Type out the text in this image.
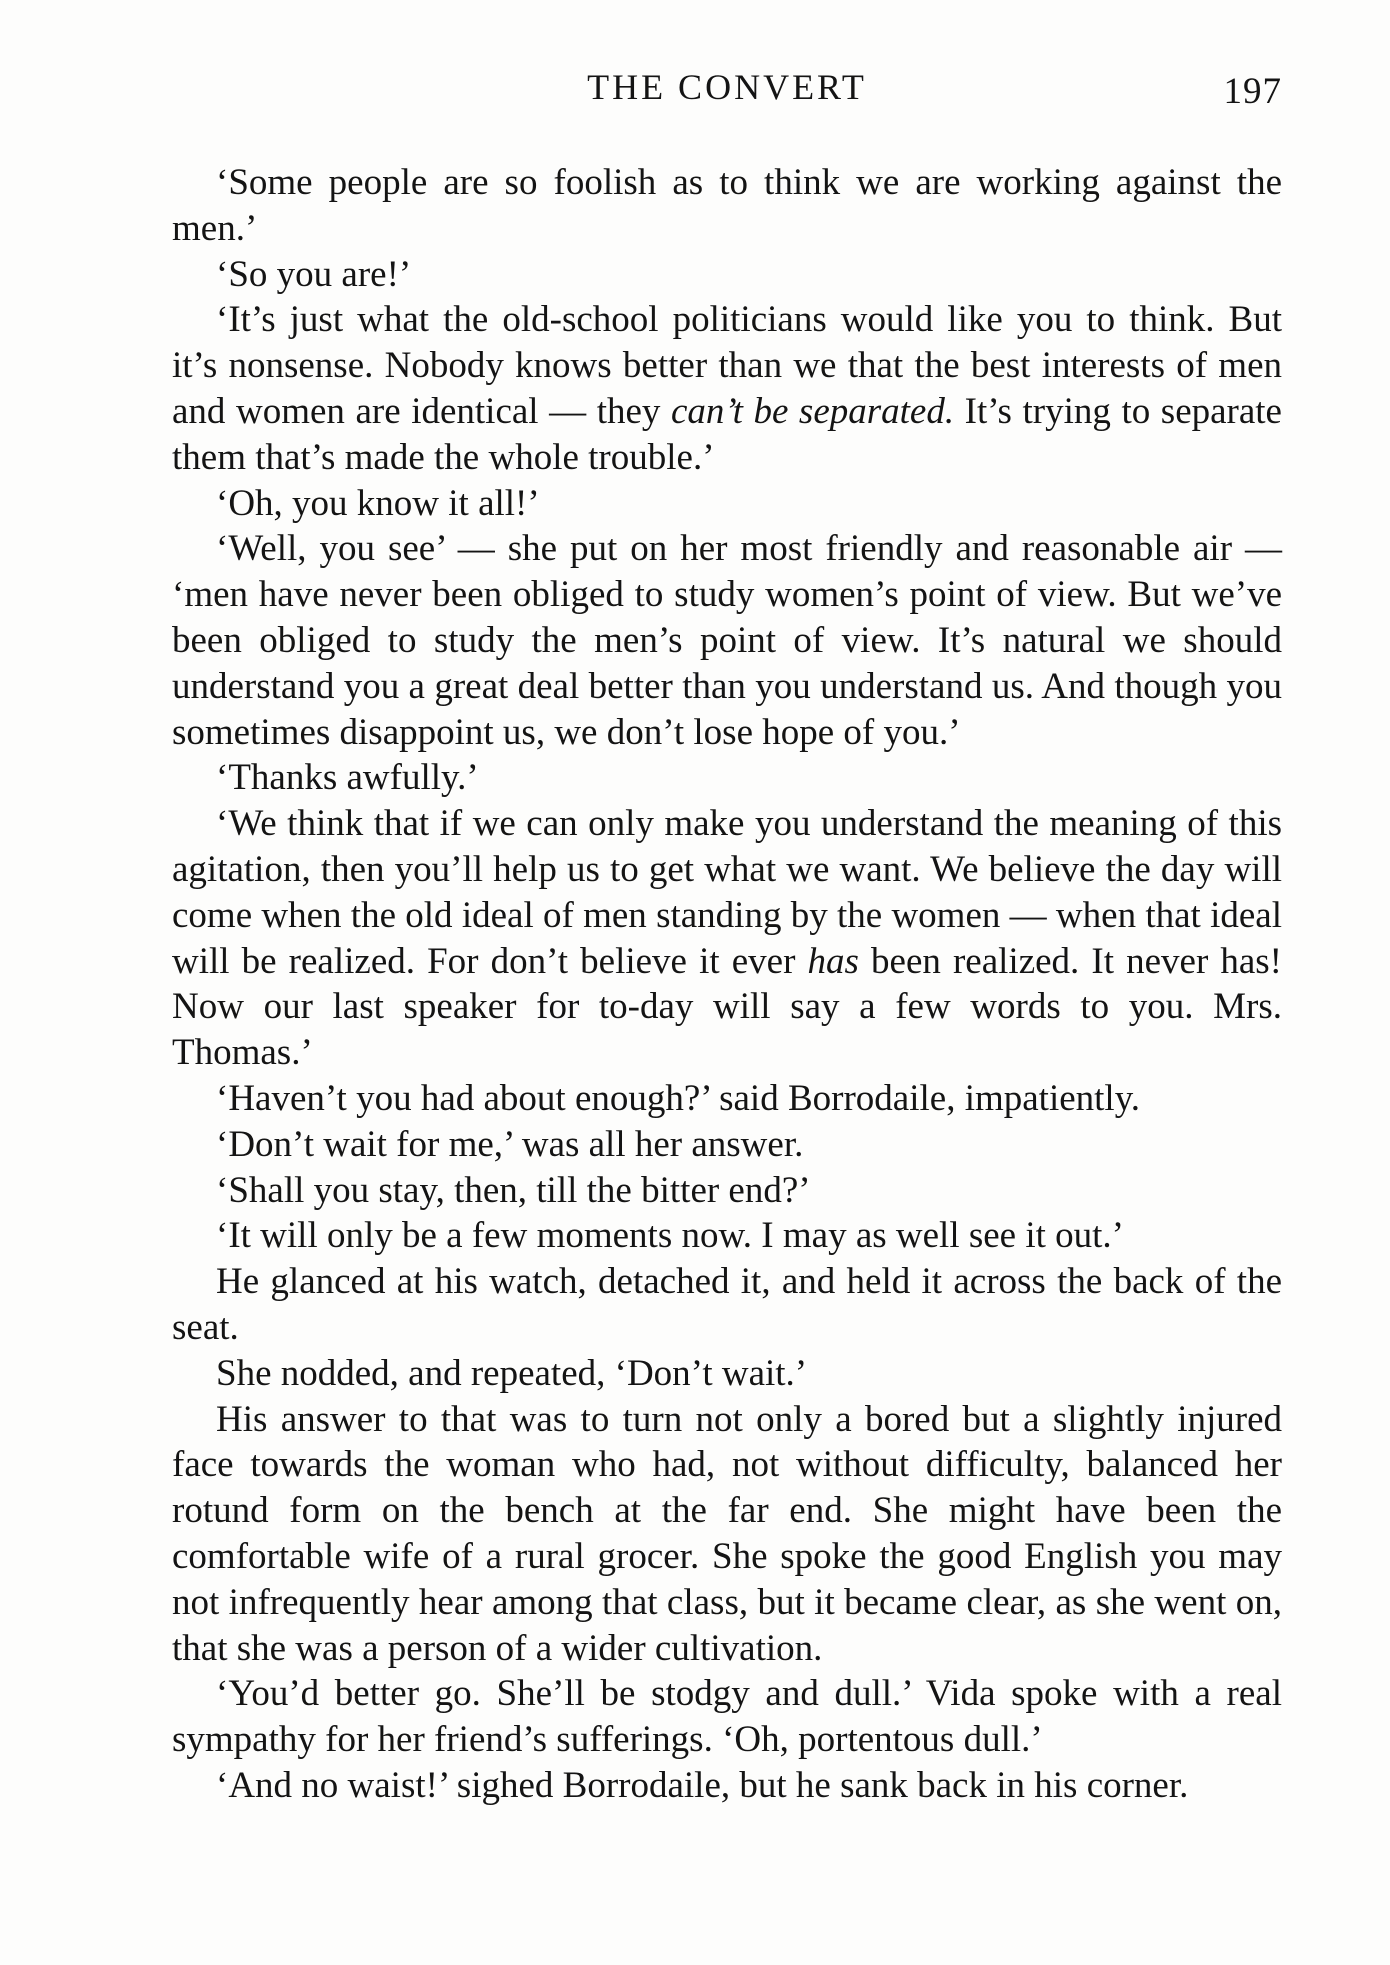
THE CONVERT	197

‘Some people are so foolish as to think we are working against the men.’

‘So you are!’

‘It’s just what the old-school politicians would like you to think. But it’s nonsense. Nobody knows better than we that the best interests of men and women are identical — they can’t be separated. It’s trying to separate them that’s made the whole trouble.’

‘Oh, you know it all!’

‘Well, you see’ — she put on her most friendly and reasonable air — ‘men have never been obliged to study women’s point of view. But we’ve been obliged to study the men’s point of view. It’s natural we should understand you a great deal better than you understand us. And though you sometimes disappoint us, we don’t lose hope of you.’

‘Thanks awfully.’

‘We think that if we can only make you understand the meaning of this agitation, then you’ll help us to get what we want. We believe the day will come when the old ideal of men standing by the women — when that ideal will be realized. For don’t believe it ever has been realized. It never has! Now our last speaker for to-day will say a few words to you. Mrs. Thomas.’

‘Haven’t you had about enough?’ said Borrodaile, impatiently.

‘Don’t wait for me,’ was all her answer.

‘Shall you stay, then, till the bitter end?’

‘It will only be a few moments now. I may as well see it out.’

He glanced at his watch, detached it, and held it across the back of the seat.

She nodded, and repeated, ‘Don’t wait.’

His answer to that was to turn not only a bored but a slightly injured face towards the woman who had, not without difficulty, balanced her rotund form on the bench at the far end. She might have been the comfortable wife of a rural grocer. She spoke the good English you may not infrequently hear among that class, but it became clear, as she went on, that she was a person of a wider cultivation.

‘You’d better go. She’ll be stodgy and dull.’ Vida spoke with a real sympathy for her friend’s sufferings. ‘Oh, portentous dull.’

‘And no waist!’ sighed Borrodaile, but he sank back in his corner.
